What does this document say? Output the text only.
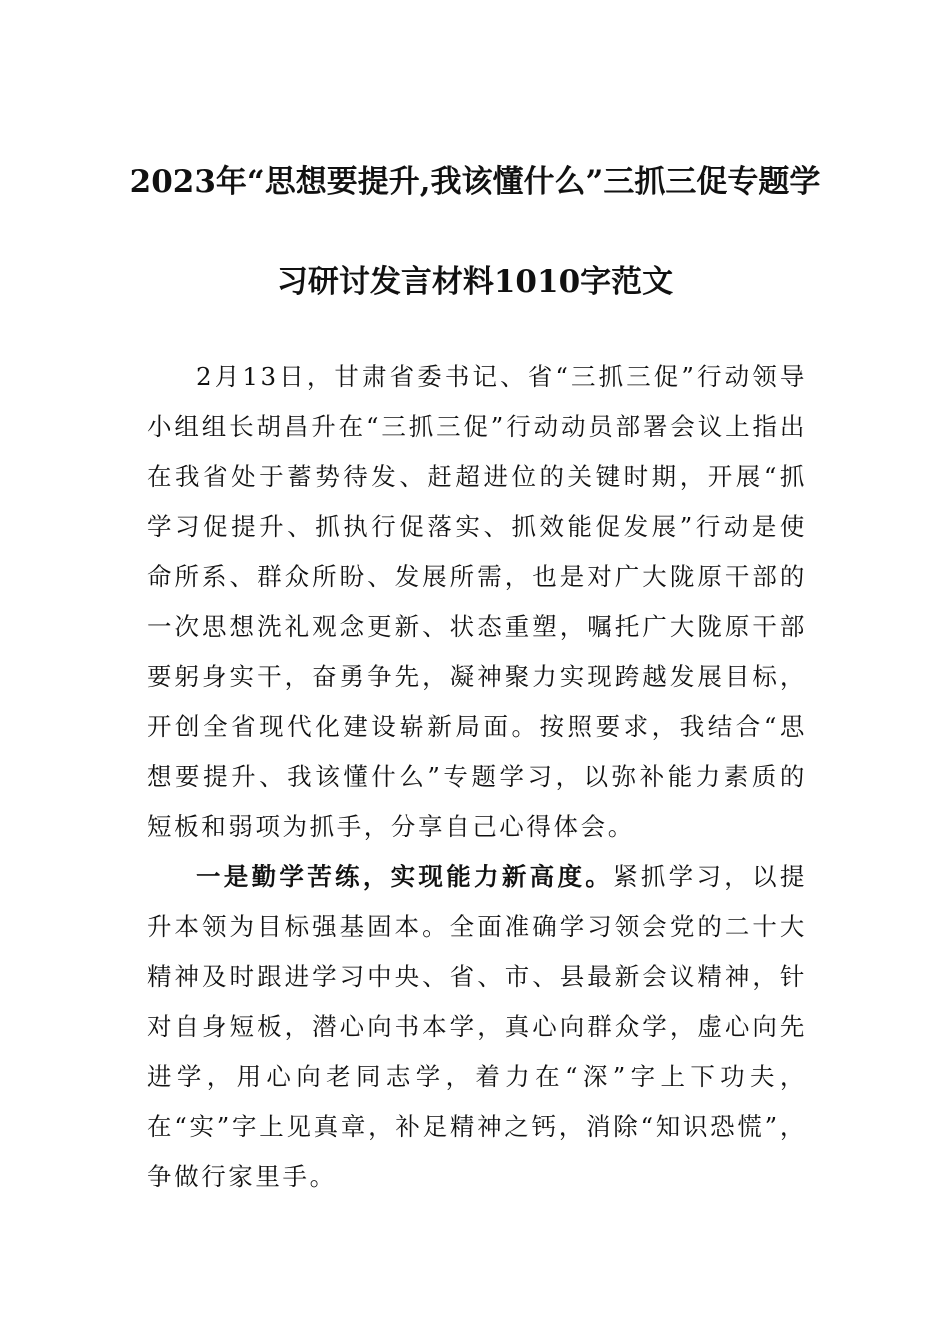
2023年“思想要提升,我该懂什么”三抓三促专题学
习研讨发言材料1010字范文

2月13日，甘肃省委书记、省“三抓三促”行动领导小组组长胡昌升在“三抓三促”行动动员部署会议上指出在我省处于蓄势待发、赶超进位的关键时期，开展“抓学习促提升、抓执行促落实、抓效能促发展”行动是使命所系、群众所盼、发展所需，也是对广大陇原干部的一次思想洗礼观念更新、状态重塑，嘱托广大陇原干部要躬身实干，奋勇争先，凝神聚力实现跨越发展目标，开创全省现代化建设崭新局面。按照要求，我结合“思想要提升、我该懂什么”专题学习，以弥补能力素质的短板和弱项为抓手，分享自己心得体会。

一是勤学苦练，实现能力新高度。紧抓学习，以提升本领为目标强基固本。全面准确学习领会党的二十大精神及时跟进学习中央、省、市、县最新会议精神，针对自身短板，潜心向书本学，真心向群众学，虚心向先进学，用心向老同志学，着力在“深”字上下功夫，在“实”字上见真章，补足精神之钙，消除“知识恐慌”，争做行家里手。
